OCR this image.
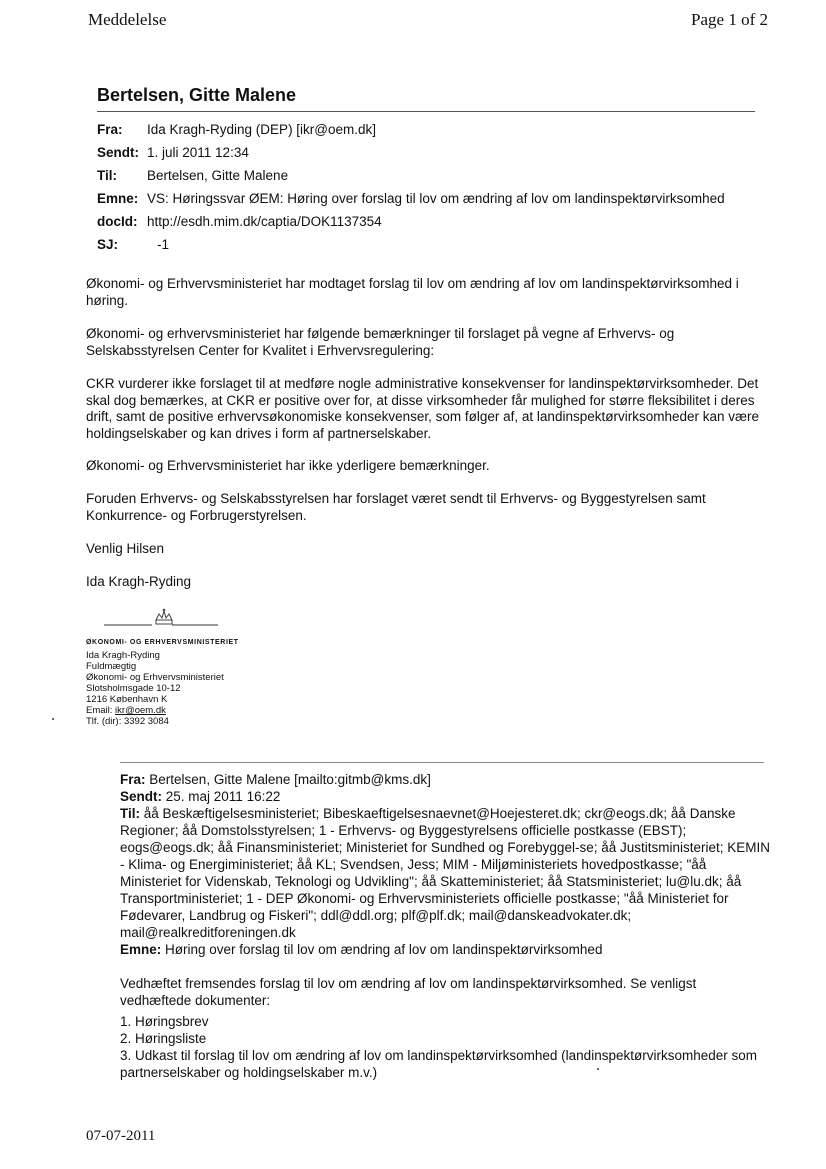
Meddelelse	Page 1 of 2
Bertelsen, Gitte Malene
Fra:	Ida Kragh-Ryding (DEP) [ikr@oem.dk]
Sendt:	1. juli 2011 12:34
Til:	Bertelsen, Gitte Malene
Emne:	VS: Høringssvar ØEM: Høring over forslag til lov om ændring af lov om landinspektørvirksomhed
docId:	http://esdh.mim.dk/captia/DOK1137354
SJ:	-1

Økonomi- og Erhvervsministeriet har modtaget forslag til lov om ændring af lov om landinspektørvirksomhed i høring.

Økonomi- og erhvervsministeriet har følgende bemærkninger til forslaget på vegne af Erhvervs- og Selskabsstyrelsen Center for Kvalitet i Erhvervsregulering:

CKR vurderer ikke forslaget til at medføre nogle administrative konsekvenser for landinspektørvirksomheder. Det skal dog bemærkes, at CKR er positive over for, at disse virksomheder får mulighed for større fleksibilitet i deres drift, samt de positive erhvervsøkonomiske konsekvenser, som følger af, at landinspektørvirksomheder kan være holdingselskaber og kan drives i form af partnerselskaber.

Økonomi- og Erhvervsministeriet har ikke yderligere bemærkninger.

Foruden Erhvervs- og Selskabsstyrelsen har forslaget været sendt til Erhvervs- og Byggestyrelsen samt Konkurrence- og Forbrugerstyrelsen.

Venlig Hilsen

Ida Kragh-Ryding

ØKONOMI- OG ERHVERVSMINISTERIET
Ida Kragh-Ryding
Fuldmægtig
Økonomi- og Erhvervsministeriet
Slotsholmsgade 10-12
1216 København K
Email: ikr@oem.dk
Tlf. (dir): 3392 3084
Fra: Bertelsen, Gitte Malene [mailto:gitmb@kms.dk]
Sendt: 25. maj 2011 16:22
Til: åå Beskæftigelsesministeriet; Bibeskaeftigelsesnaevnet@Hoejesteret.dk; ckr@eogs.dk; åå Danske Regioner; åå Domstolsstyrelsen; 1 - Erhvervs- og Byggestyrelsens officielle postkasse (EBST); eogs@eogs.dk; åå Finansministeriet; Ministeriet for Sundhed og Forebyggel-se; åå Justitsministeriet; KEMIN - Klima- og Energiministeriet; åå KL; Svendsen, Jess; MIM - Miljøministeriets hovedpostkasse; "åå Ministeriet for Videnskab, Teknologi og Udvikling"; åå Skatteministeriet; åå Statsministeriet; lu@lu.dk; åå Transportministeriet; 1 - DEP Økonomi- og Erhvervsministeriets officielle postkasse; "åå Ministeriet for Fødevarer, Landbrug og Fiskeri"; ddl@ddl.org; plf@plf.dk; mail@danskeadvokater.dk; mail@realkreditforeningen.dk
Emne: Høring over forslag til lov om ændring af lov om landinspektørvirksomhed

Vedhæftet fremsendes forslag til lov om ændring af lov om landinspektørvirksomhed. Se venligst vedhæftede dokumenter:

1. Høringsbrev

2. Høringsliste

3. Udkast til forslag til lov om ændring af lov om landinspektørvirksomhed (landinspektørvirksomheder som partnerselskaber og holdingselskaber m.v.)

07-07-2011
